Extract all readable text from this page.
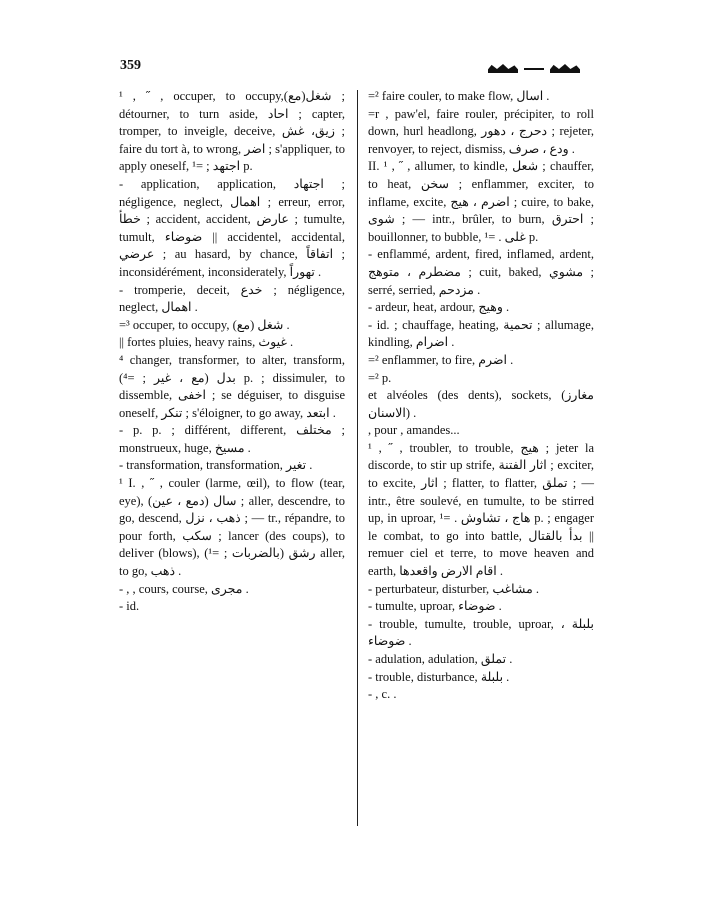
359

¹ , ˝ , occuper, to occupy,(شغل(مع ; détourner, to turn aside, احاد ; capter, tromper, to inveigle, deceive, زيق، غش ; faire du tort à, to wrong, اضر ; s'appliquer, to apply oneself, اجتهد ; =¹ p.

- application, application, اجتهاد ; négligence, neglect, اهمال ; erreur, error, خطأ ; accident, accident, عارض ; tumulte, tumult, ضوضاء || accidentel, accidental, عرضي ; au hasard, by chance, اتفاقاً ; inconsidérément, inconsiderately, تهوراً .

- tromperie, deceit, خدع ; négligence, neglect, اهمال .

=³ occuper, to occupy, (شغل (مع .

|| fortes pluies, heavy rains, غيوث .

⁴ changer, transformer, to alter, transform, (بدل (مع ، غير ; =⁴ p. ; dissimuler, to dissemble, اخفى ; se déguiser, to disguise oneself, تنكر ; s'éloigner, to go away, ابتعد .

- p. p. ; différent, different, مختلف ; monstrueux, huge, مسيخ .

- transformation, transformation, تغير .

¹ I. , ˝ , couler (larme, œil), to flow (tear, eye), (سال (دمع ، عين ; aller, descendre, to go, descend, ذهب ، نزل ; — tr., répandre, to pour forth, سكب ; lancer (des coups), to deliver (blows), (رشق (بالضربات ; =¹ aller, to go, ذهب .

- , , cours, course, مجرى .

- id.

=² faire couler, to make flow, اسال .

=r , paw'el, faire rouler, précipiter, to roll down, hurl headlong, دحرج ، دهور ; rejeter, renvoyer, to reject, dismiss, ودع ، صرف .

II. ¹ , ˝ , allumer, to kindle, شعل ; chauffer, to heat, سخن ; enflammer, exciter, to inflame, excite, اضرم ، هيج ; cuire, to bake, شوى ; — intr., brûler, to burn, احترق ; bouillonner, to bubble, غلى . =¹ p.

- enflammé, ardent, fired, inflamed, ardent, مضطرم ، متوهج ; cuit, baked, مشوي ; serré, serried, مزدحم .

- ardeur, heat, ardour, وهيج .

- id. ; chauffage, heating, تحمية ; allumage, kindling, اضرام .

=² enflammer, to fire, اضرم .

=² p.

et alvéoles (des dents), sockets, (مغارز (الاسنان .

, pour , amandes...

¹ , ˝ , troubler, to trouble, هيج ; jeter la discorde, to stir up strife, اثار الفتنة ; exciter, to excite, اثار ; flatter, to flatter, تملق ; — intr., être soulevé, en tumulte, to be stirred up, in uproar, هاج ، تشاوش . =¹ p. ; engager le combat, to go into battle, بدأ بالقتال || remuer ciel et terre, to move heaven and earth, اقام الارض واقعدها .

- perturbateur, disturber, مشاغب .

- tumulte, uproar, ضوضاء .

- trouble, tumulte, trouble, uproar, بلبلة ، ضوضاء .

- adulation, adulation, تملق .

- trouble, disturbance, بلبلة .

- , c. .
